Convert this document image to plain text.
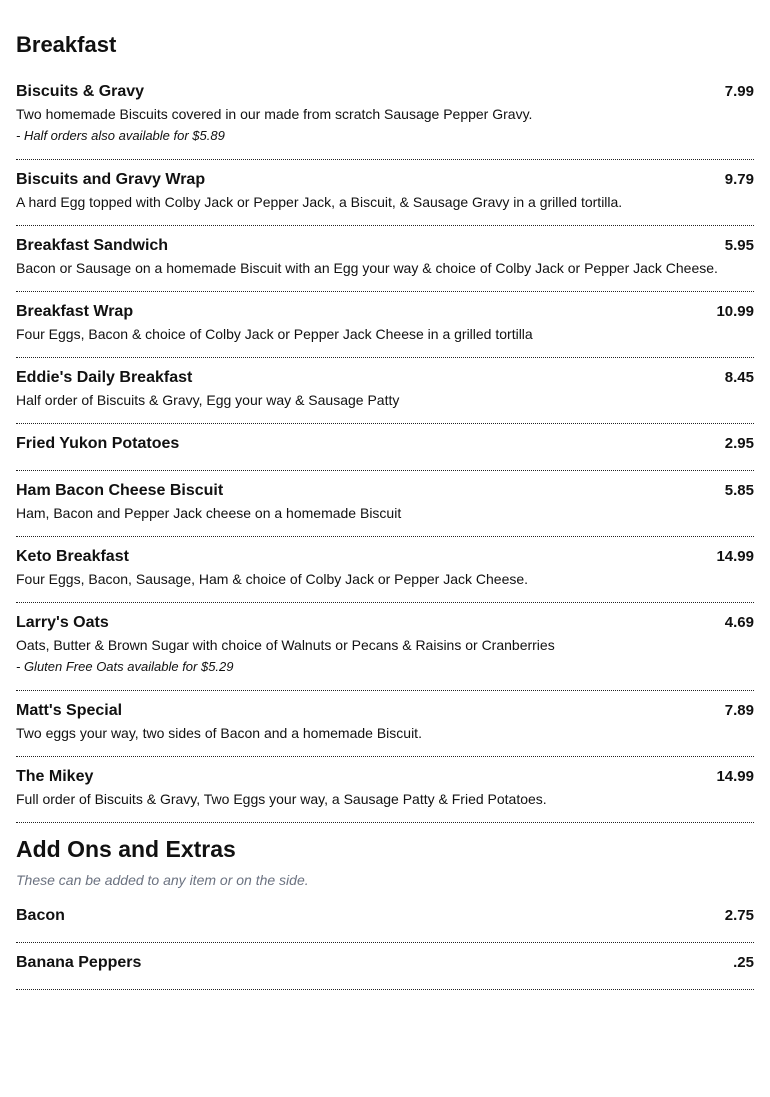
Breakfast
Biscuits & Gravy	7.99
Two homemade Biscuits covered in our made from scratch Sausage Pepper Gravy.
- Half orders also available for $5.89
Biscuits and Gravy Wrap	9.79
A hard Egg topped with Colby Jack or Pepper Jack, a Biscuit, & Sausage Gravy in a grilled tortilla.
Breakfast Sandwich	5.95
Bacon or Sausage on a homemade Biscuit with an Egg your way & choice of Colby Jack or Pepper Jack Cheese.
Breakfast Wrap	10.99
Four Eggs, Bacon & choice of Colby Jack or Pepper Jack Cheese in a grilled tortilla
Eddie's Daily Breakfast	8.45
Half order of Biscuits & Gravy, Egg your way & Sausage Patty
Fried Yukon Potatoes	2.95
Ham Bacon Cheese Biscuit	5.85
Ham, Bacon and Pepper Jack cheese on a homemade Biscuit
Keto Breakfast	14.99
Four Eggs, Bacon, Sausage, Ham & choice of Colby Jack or Pepper Jack Cheese.
Larry's Oats	4.69
Oats, Butter & Brown Sugar with choice of Walnuts or Pecans & Raisins or Cranberries
- Gluten Free Oats available for $5.29
Matt's Special	7.89
Two eggs your way, two sides of Bacon and a homemade Biscuit.
The Mikey	14.99
Full order of Biscuits & Gravy, Two Eggs your way, a Sausage Patty & Fried Potatoes.
Add Ons and Extras

These can be added to any item or on the side.

Bacon	2.75
Banana Peppers	.25
